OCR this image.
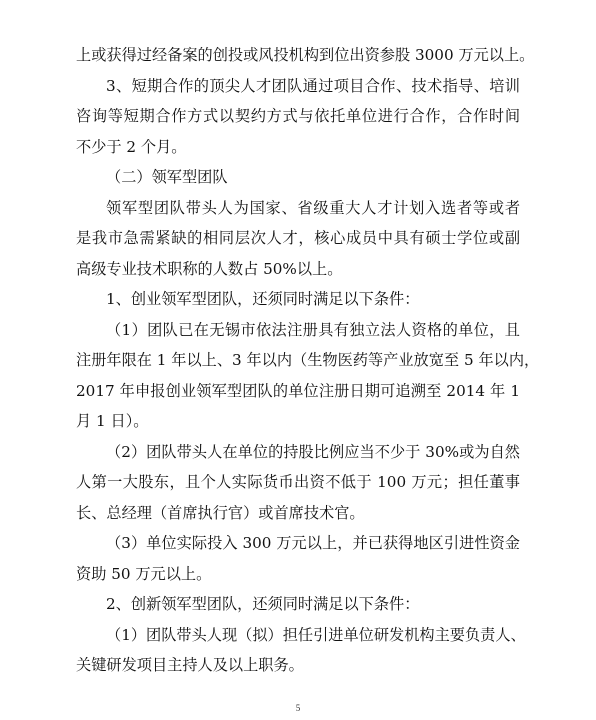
上或获得过经备案的创投或风投机构到位出资参股 3000 万元以上。
3、短期合作的顶尖人才团队通过项目合作、技术指导、培训
咨询等短期合作方式以契约方式与依托单位进行合作，合作时间
不少于 2 个月。
（二）领军型团队
领军型团队带头人为国家、省级重大人才计划入选者等或者
是我市急需紧缺的相同层次人才，核心成员中具有硕士学位或副
高级专业技术职称的人数占 50%以上。
1、创业领军型团队，还须同时满足以下条件：
（1）团队已在无锡市依法注册具有独立法人资格的单位，且
注册年限在 1 年以上、3 年以内（生物医药等产业放宽至 5 年以内，
2017 年申报创业领军型团队的单位注册日期可追溯至 2014 年 1
月 1 日）。
（2）团队带头人在单位的持股比例应当不少于 30%或为自然
人第一大股东，且个人实际货币出资不低于 100 万元；担任董事
长、总经理（首席执行官）或首席技术官。
（3）单位实际投入 300 万元以上，并已获得地区引进性资金
资助 50 万元以上。
2、创新领军型团队，还须同时满足以下条件：
（1）团队带头人现（拟）担任引进单位研发机构主要负责人、
关键研发项目主持人及以上职务。
5
